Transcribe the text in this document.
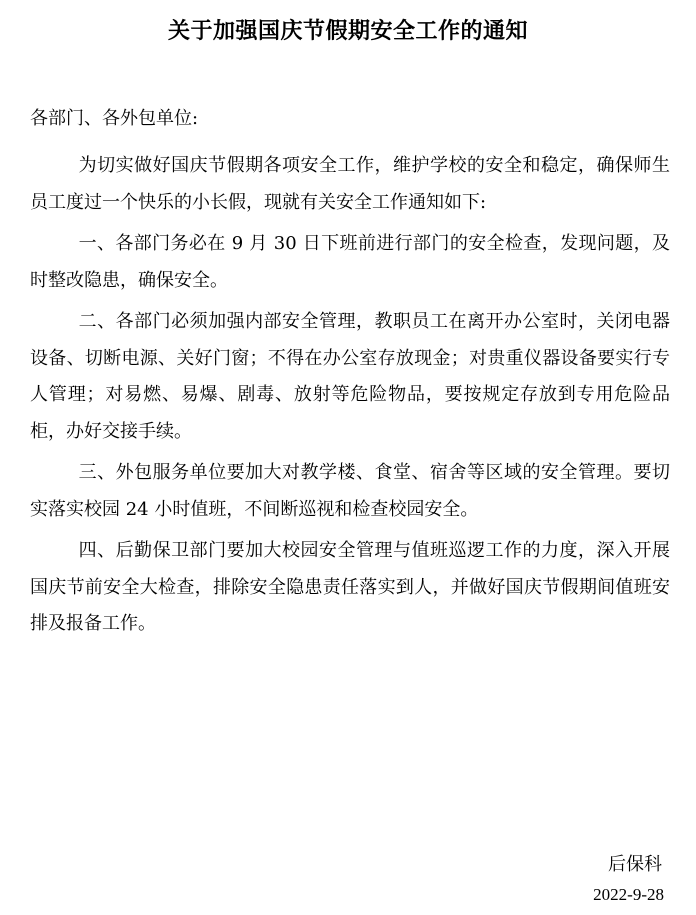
关于加强国庆节假期安全工作的通知
各部门、各外包单位:

为切实做好国庆节假期各项安全工作，维护学校的安全和稳定，确保师生员工度过一个快乐的小长假，现就有关安全工作通知如下:

一、各部门务必在 9 月 30 日下班前进行部门的安全检查，发现问题，及时整改隐患，确保安全。

二、各部门必须加强内部安全管理，教职员工在离开办公室时，关闭电器设备、切断电源、关好门窗；不得在办公室存放现金；对贵重仪器设备要实行专人管理；对易燃、易爆、剧毒、放射等危险物品，要按规定存放到专用危险品柜，办好交接手续。

三、外包服务单位要加大对教学楼、食堂、宿舍等区域的安全管理。要切实落实校园 24 小时值班，不间断巡视和检查校园安全。

四、后勤保卫部门要加大校园安全管理与值班巡逻工作的力度，深入开展国庆节前安全大检查，排除安全隐患责任落实到人，并做好国庆节假期间值班安排及报备工作。

后保科
2022-9-28
